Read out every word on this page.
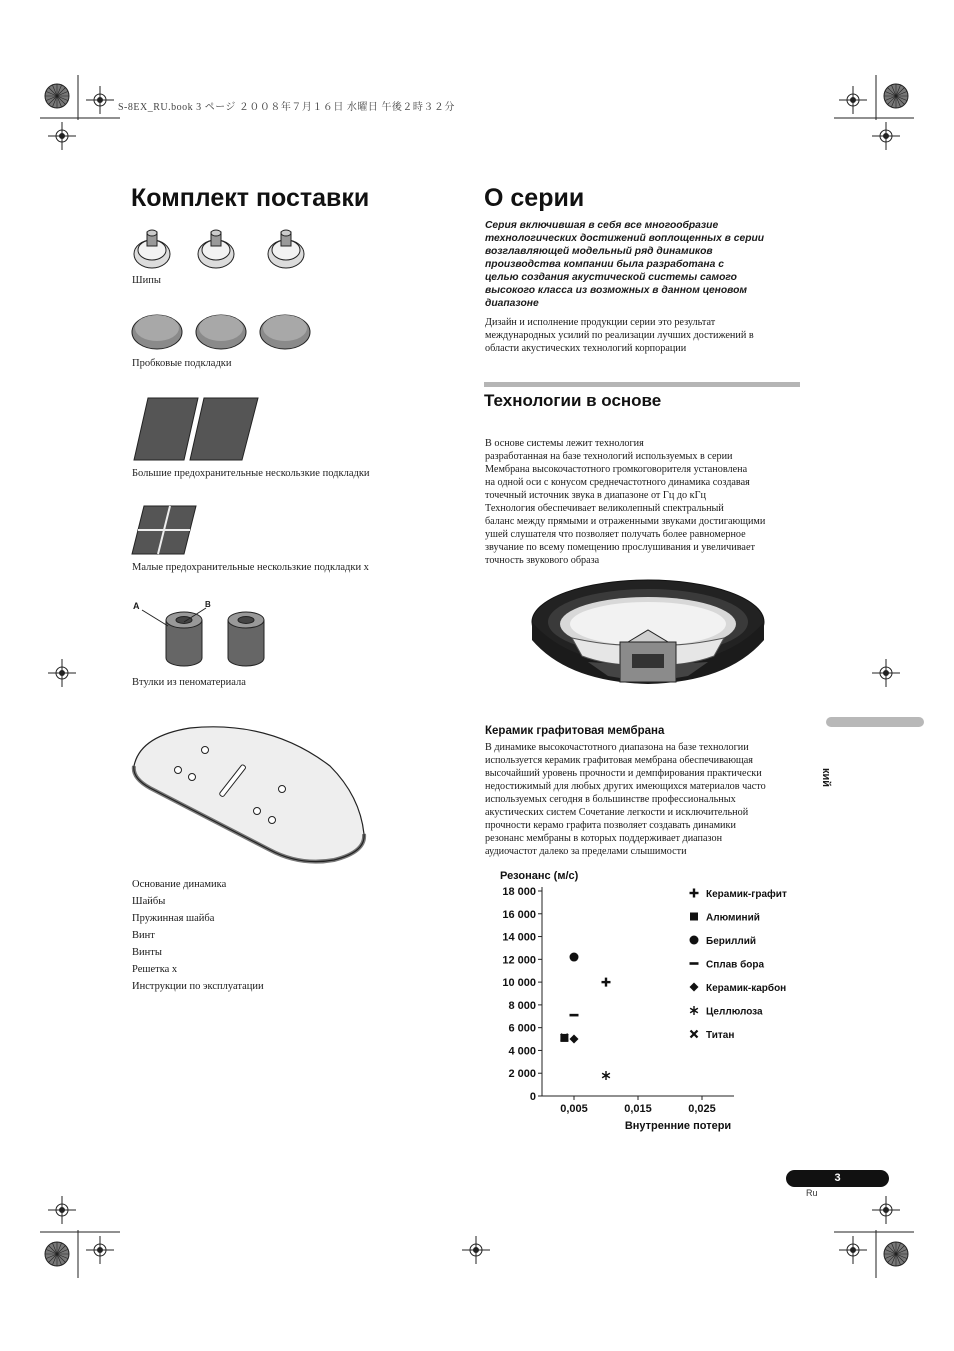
S-8EX_RU.book 3 ページ ２００８年７月１６日 水曜日 午後２時３２分
Комплект поставки
Шипы
Пробковые подкладки
Большие предохранительные нескользкие подкладки
Малые предохранительные нескользкие подкладки x
A	B
Втулки из пеноматериала
Основание динамика
Шайбы
Пружинная шайба
Винт
Винты
Решетка x
Инструкции по эксплуатации
О серии
Серия включившая в себя все многообразие
технологических достижений воплощенных в серии
возглавляющей модельный ряд динамиков
производства компании была разработана с
целью создания акустической системы самого
высокого класса из возможных в данном ценовом
диапазоне
Дизайн и исполнение продукции серии это результат
международных усилий по реализации лучших достижений в
области акустических технологий корпорации
Технологии в основе
В основе системы лежит технология
разработанная на базе технологий используемых в серии
Мембрана высокочастотного громкоговорителя установлена
на одной оси с конусом среднечастотного динамика создавая
точечный источник звука в диапазоне от Гц до кГц
Технология обеспечивает великолепный спектральный
баланс между прямыми и отраженными звуками достигающими
ушей слушателя что позволяет получать более равномерное
звучание по всему помещению прослушивания и увеличивает
точность звукового образа
Керамик графитовая мембрана
В динамике высокочастотного диапазона на базе технологии
используется керамик графитовая мембрана обеспечивающая
высочайший уровень прочности и демпфирования практически
недостижимый для любых других имеющихся материалов часто
используемых сегодня в большинстве профессиональных
акустических систем Сочетание легкости и исключительной
прочности керамо графита позволяет создавать динамики
резонанс мембраны в которых поддерживает диапазон
аудиочастот далеко за пределами слышимости
Резонанс (м/с)
0
2 000
4 000
6 000
8 000
10 000
12 000
14 000
16 000
18 000
0,005	0,015	0,025
Внутренние потери
Керамик-графит
Алюминий
Бериллий
Сплав бора
Керамик-карбон
Целлюлоза
Титан
кий
3
Ru
